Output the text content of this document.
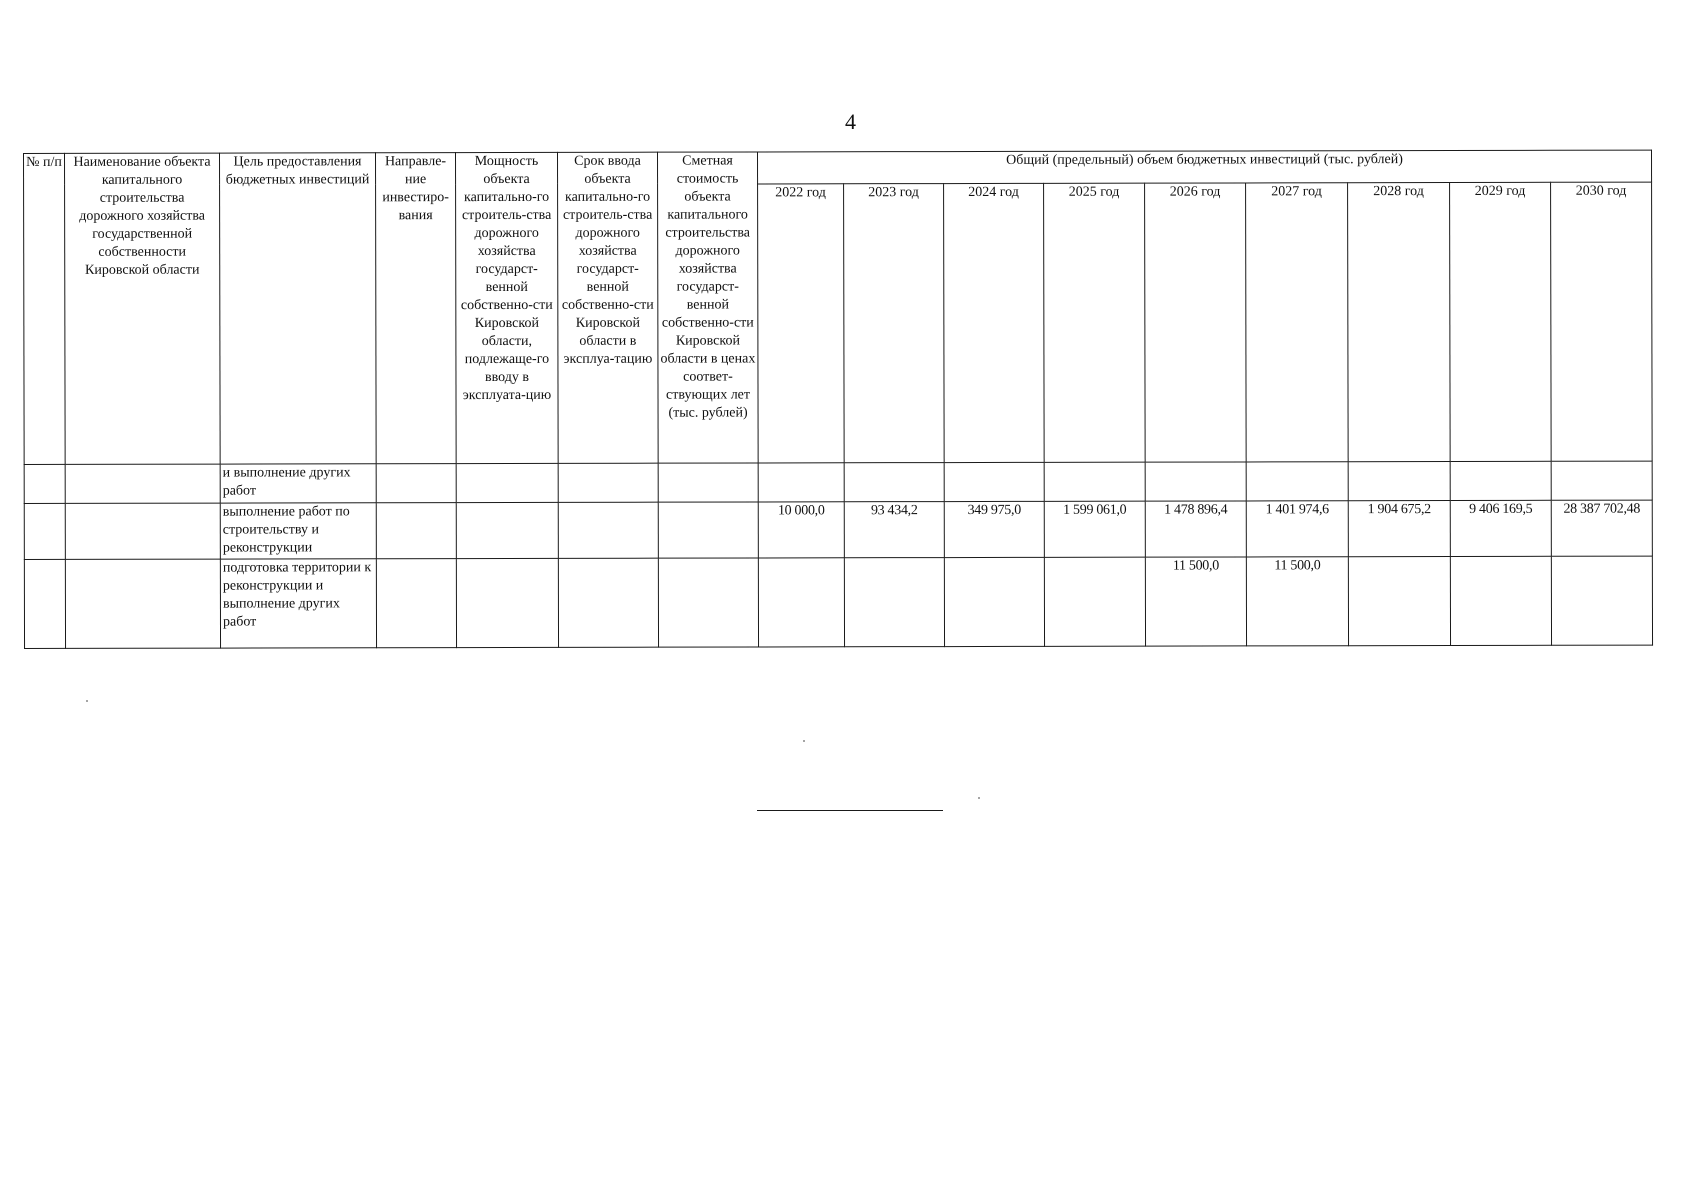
4
№ п/п	Наименование объекта капитального строительства дорожного хозяйства государственной собственности Кировской области	Цель предоставления бюджетных инвестиций	Направле-ние инвестиро-вания	Мощность объекта капитально-го строитель-ства дорожного хозяйства государст-венной собственно-сти Кировской области, подлежаще-го вводу в эксплуата-цию	Срок ввода объекта капитально-го строитель-ства дорожного хозяйства государст-венной собственно-сти Кировской области в эксплуа-тацию	Сметная стоимость объекта капитального строительства дорожного хозяйства государст-венной собственно-сти Кировской области в ценах соответ-ствующих лет (тыс. рублей)	Общий (предельный) объем бюджетных инвестиций (тыс. рублей)								
							2022 год	2023 год	2024 год	2025 год	2026 год	2027 год	2028 год	2029 год	2030 год
		и выполнение других работ													
		выполнение работ по строительству и реконструкции					10 000,0	93 434,2	349 975,0	1 599 061,0	1 478 896,4	1 401 974,6	1 904 675,2	9 406 169,5	28 387 702,48
		подготовка территории к реконструкции и выполнение других работ									11 500,0	11 500,0			
